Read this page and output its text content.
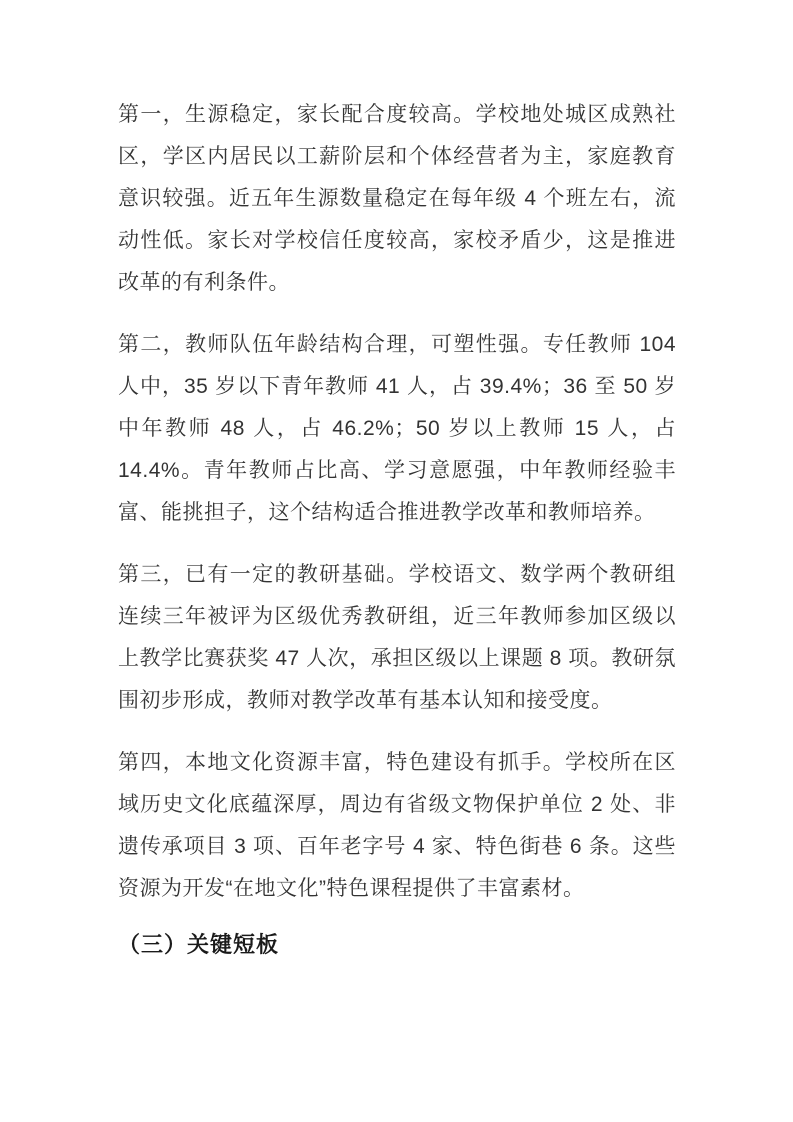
第一，生源稳定，家长配合度较高。学校地处城区成熟社区，学区内居民以工薪阶层和个体经营者为主，家庭教育意识较强。近五年生源数量稳定在每年级 4 个班左右，流动性低。家长对学校信任度较高，家校矛盾少，这是推进改革的有利条件。

第二，教师队伍年龄结构合理，可塑性强。专任教师 104 人中，35 岁以下青年教师 41 人，占 39.4%；36 至 50 岁中年教师 48 人，占 46.2%；50 岁以上教师 15 人，占 14.4%。青年教师占比高、学习意愿强，中年教师经验丰富、能挑担子，这个结构适合推进教学改革和教师培养。

第三，已有一定的教研基础。学校语文、数学两个教研组连续三年被评为区级优秀教研组，近三年教师参加区级以上教学比赛获奖 47 人次，承担区级以上课题 8 项。教研氛围初步形成，教师对教学改革有基本认知和接受度。

第四，本地文化资源丰富，特色建设有抓手。学校所在区域历史文化底蕴深厚，周边有省级文物保护单位 2 处、非遗传承项目 3 项、百年老字号 4 家、特色街巷 6 条。这些资源为开发“在地文化”特色课程提供了丰富素材。

（三）关键短板
